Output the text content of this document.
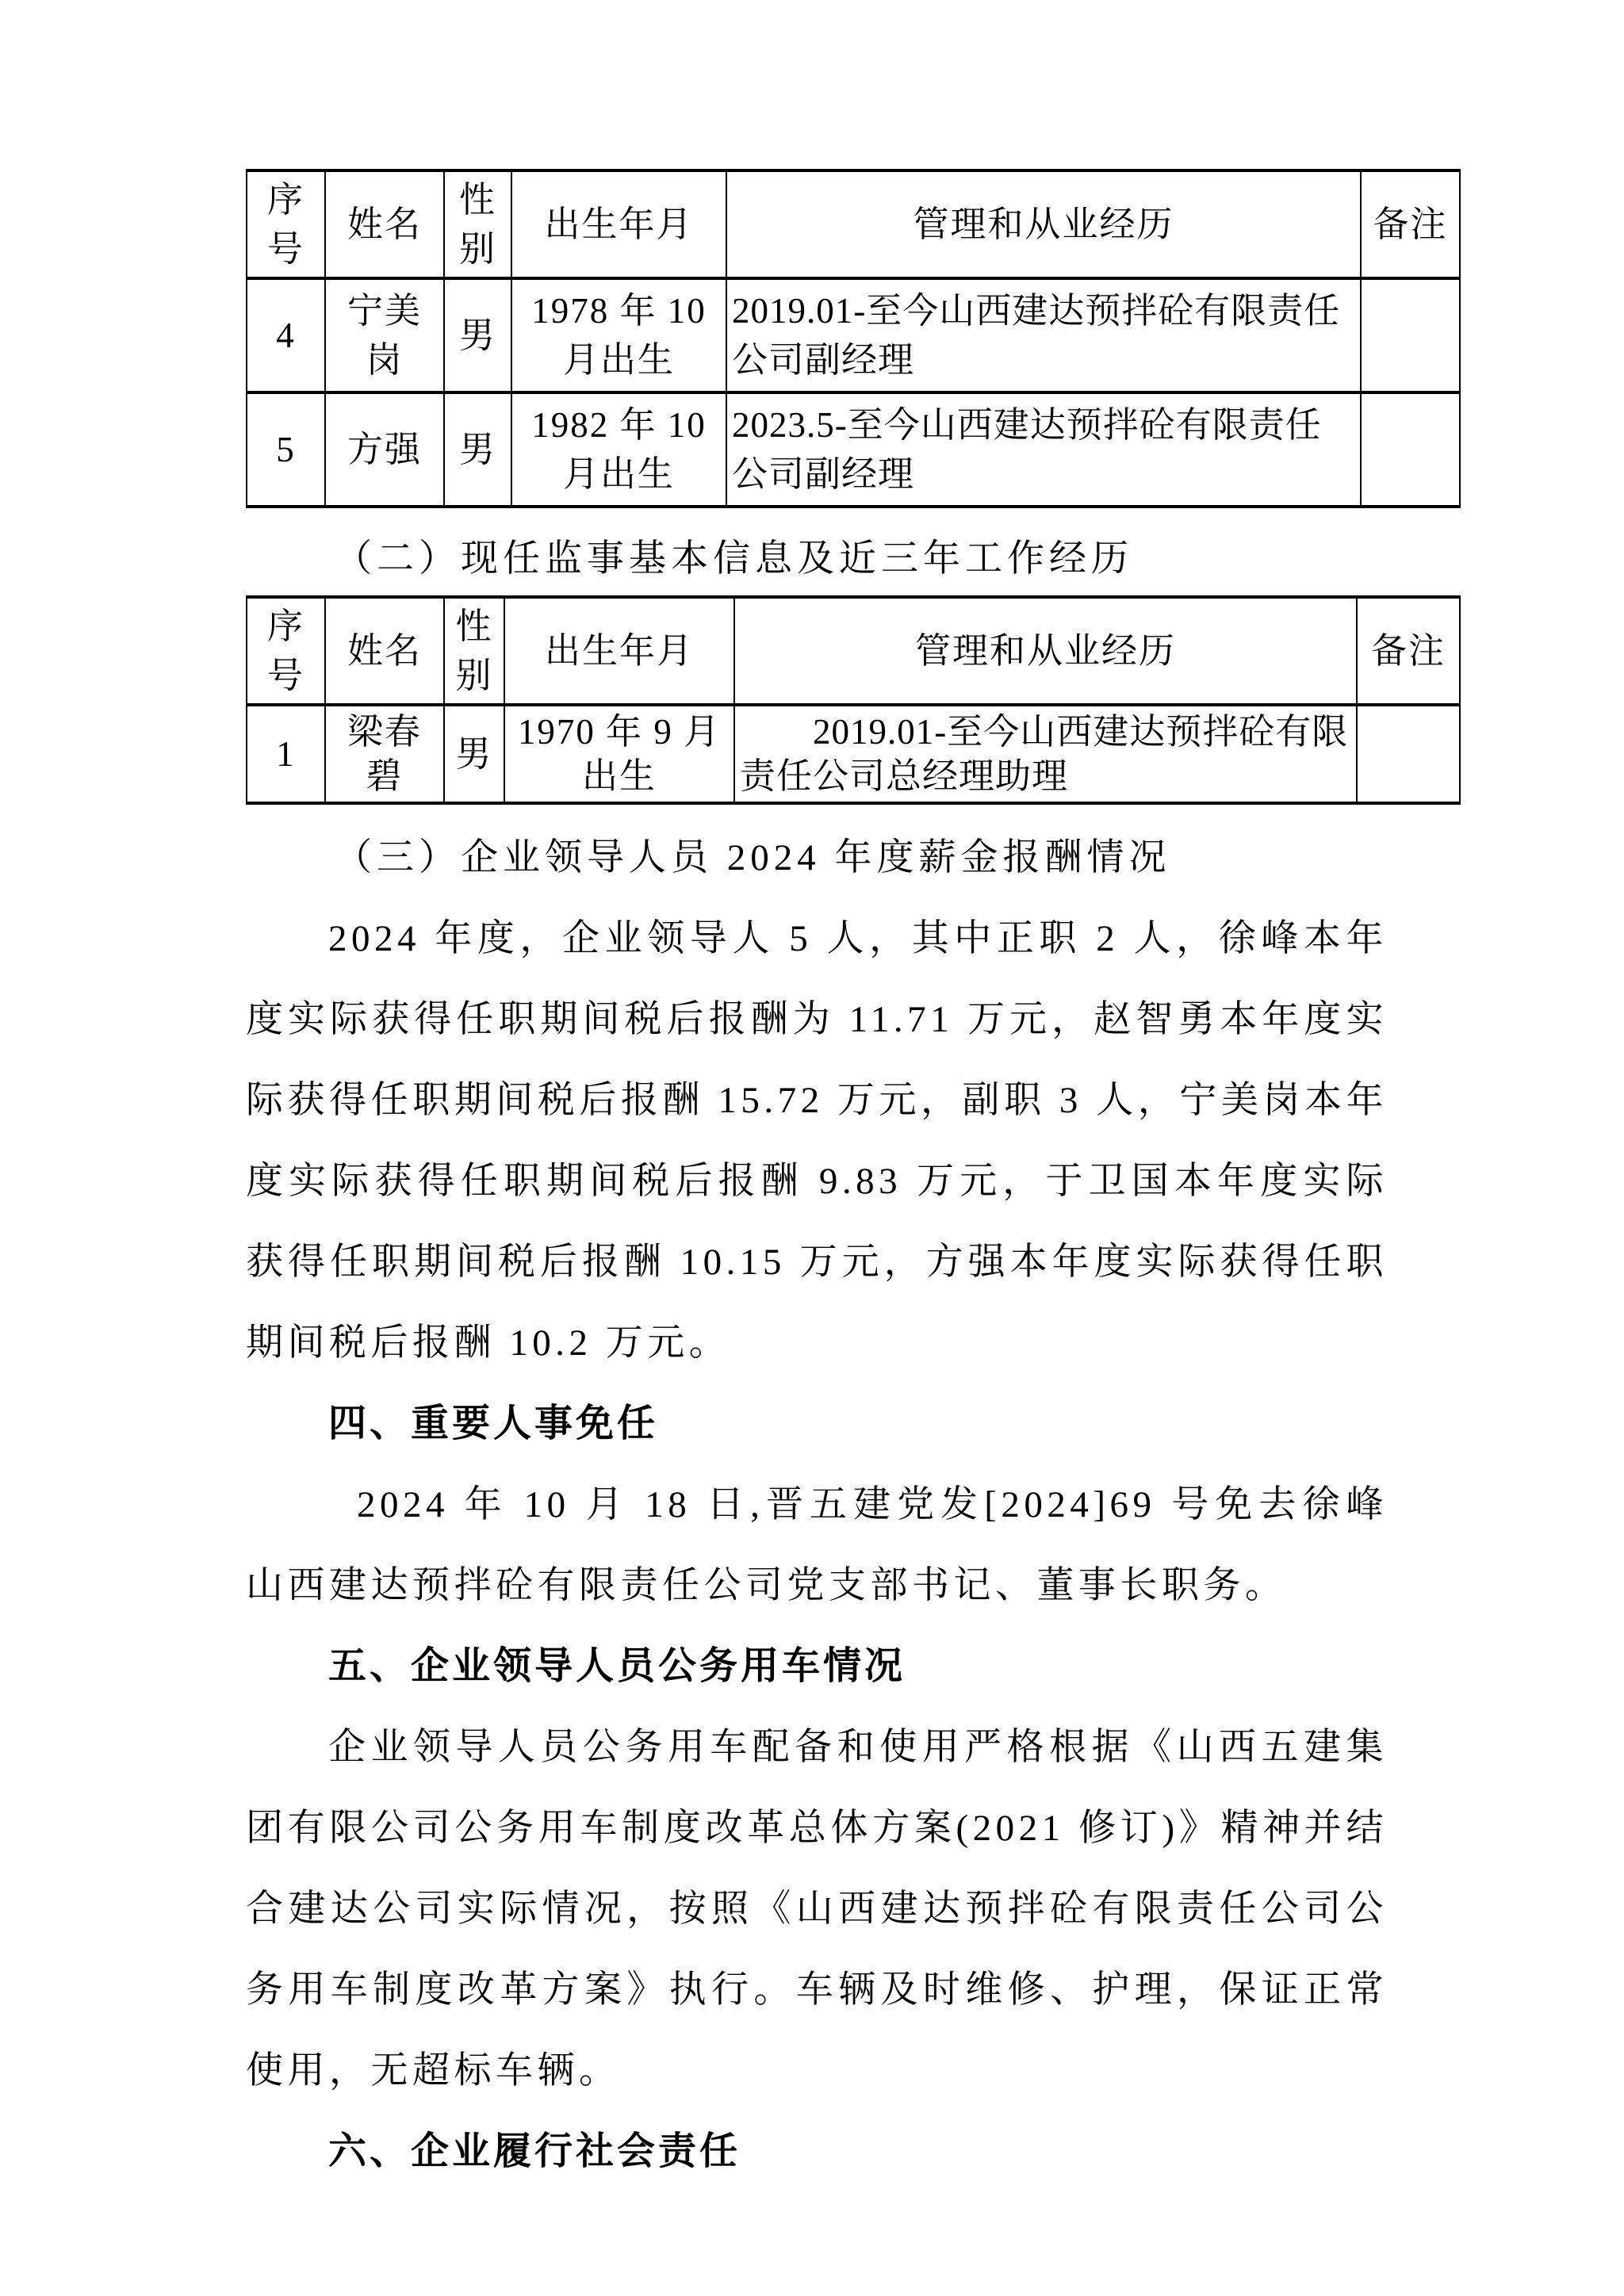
序号	姓名	性别	出生年月	管理和从业经历	备注
4	宁美岗	男	1978 年 10 月出生	2019.01-至今山西建达预拌砼有限责任公司副经理	
5	方强	男	1982 年 10 月出生	2023.5-至今山西建达预拌砼有限责任公司副经理	

（二）现任监事基本信息及近三年工作经历

序号	姓名	性别	出生年月	管理和从业经历	备注
1	梁春碧	男	1970 年 9 月出生	2019.01-至今山西建达预拌砼有限责任公司总经理助理	

（三）企业领导人员 2024 年度薪金报酬情况

2024 年度，企业领导人 5 人，其中正职 2 人，徐峰本年度实际获得任职期间税后报酬为 11.71 万元，赵智勇本年度实际获得任职期间税后报酬 15.72 万元，副职 3 人，宁美岗本年度实际获得任职期间税后报酬 9.83 万元，于卫国本年度实际获得任职期间税后报酬 10.15 万元，方强本年度实际获得任职期间税后报酬 10.2 万元。

四、重要人事免任

2024 年 10 月 18 日,晋五建党发[2024]69 号免去徐峰山西建达预拌砼有限责任公司党支部书记、董事长职务。

五、企业领导人员公务用车情况

企业领导人员公务用车配备和使用严格根据《山西五建集团有限公司公务用车制度改革总体方案(2021 修订)》精神并结合建达公司实际情况，按照《山西建达预拌砼有限责任公司公务用车制度改革方案》执行。车辆及时维修、护理，保证正常使用，无超标车辆。

六、企业履行社会责任
